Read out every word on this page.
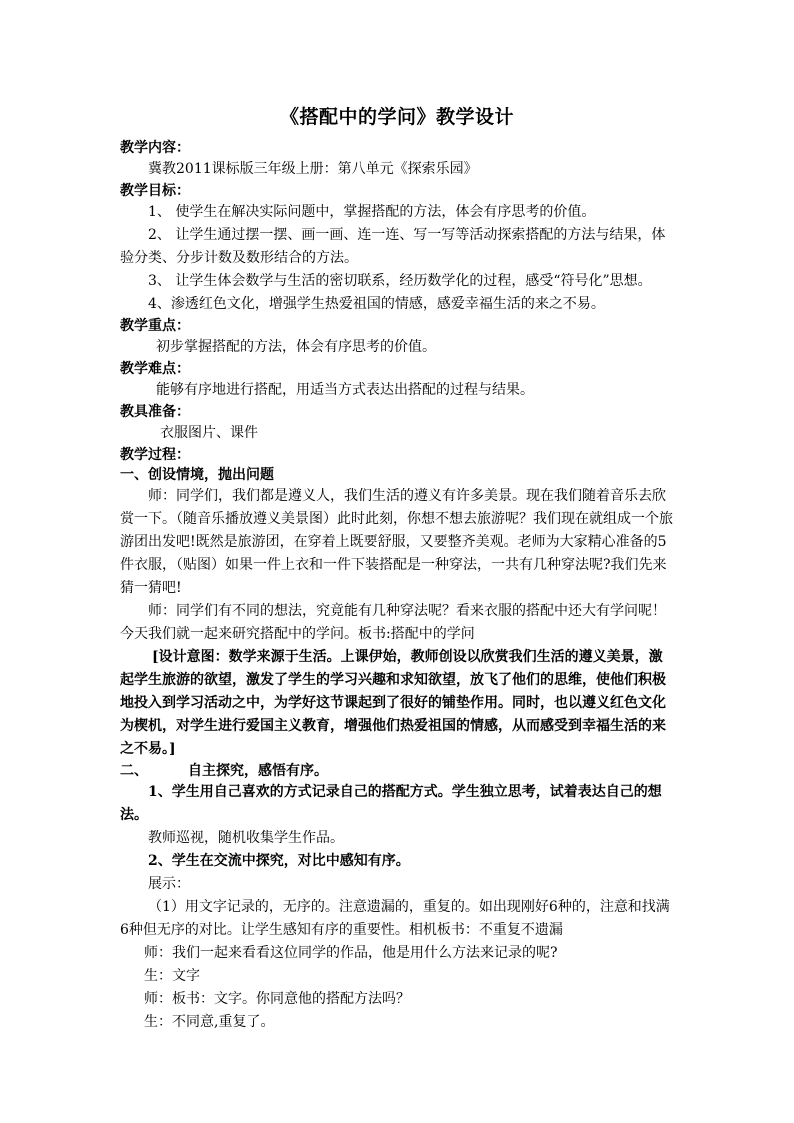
《搭配中的学问》教学设计
教学内容：
冀教2011课标版三年级上册：第八单元《探索乐园》
教学目标：
1、 使学生在解决实际问题中，掌握搭配的方法，体会有序思考的价值。
2、 让学生通过摆一摆、画一画、连一连、写一写等活动探索搭配的方法与结果，体验分类、分步计数及数形结合的方法。
3、 让学生体会数学与生活的密切联系，经历数学化的过程，感受“符号化”思想。
4、渗透红色文化，增强学生热爱祖国的情感，感爱幸福生活的来之不易。
教学重点：
初步掌握搭配的方法，体会有序思考的价值。
教学难点：
能够有序地进行搭配，用适当方式表达出搭配的过程与结果。
教具准备：
衣服图片、课件
教学过程：
一、创设情境，抛出问题
师：同学们，我们都是遵义人，我们生活的遵义有许多美景。现在我们随着音乐去欣赏一下。（随音乐播放遵义美景图）此时此刻，你想不想去旅游呢？我们现在就组成一个旅游团出发吧!既然是旅游团，在穿着上既要舒服，又要整齐美观。老师为大家精心准备的5件衣服，（贴图）如果一件上衣和一件下装搭配是一种穿法，一共有几种穿法呢?我们先来猜一猜吧!
师：同学们有不同的想法，究竟能有几种穿法呢？看来衣服的搭配中还大有学问呢！今天我们就一起来研究搭配中的学问。板书:搭配中的学问
[设计意图：数学来源于生活。上课伊始，教师创设以欣赏我们生活的遵义美景，激起学生旅游的欲望，激发了学生的学习兴趣和求知欲望，放飞了他们的思维，使他们积极地投入到学习活动之中，为学好这节课起到了很好的铺垫作用。同时，也以遵义红色文化为楔机，对学生进行爱国主义教育，增强他们热爱祖国的情感，从而感受到幸福生活的来之不易。]
二、	自主探究，感悟有序。
1、学生用自己喜欢的方式记录自己的搭配方式。学生独立思考，试着表达自己的想法。
教师巡视，随机收集学生作品。
2、学生在交流中探究，对比中感知有序。
展示：
（1）用文字记录的，无序的。注意遗漏的，重复的。如出现刚好6种的，注意和找满6种但无序的对比。让学生感知有序的重要性。相机板书：不重复不遗漏
师：我们一起来看看这位同学的作品，他是用什么方法来记录的呢?
生：文字
师：板书：文字。你同意他的搭配方法吗？
生：不同意,重复了。
